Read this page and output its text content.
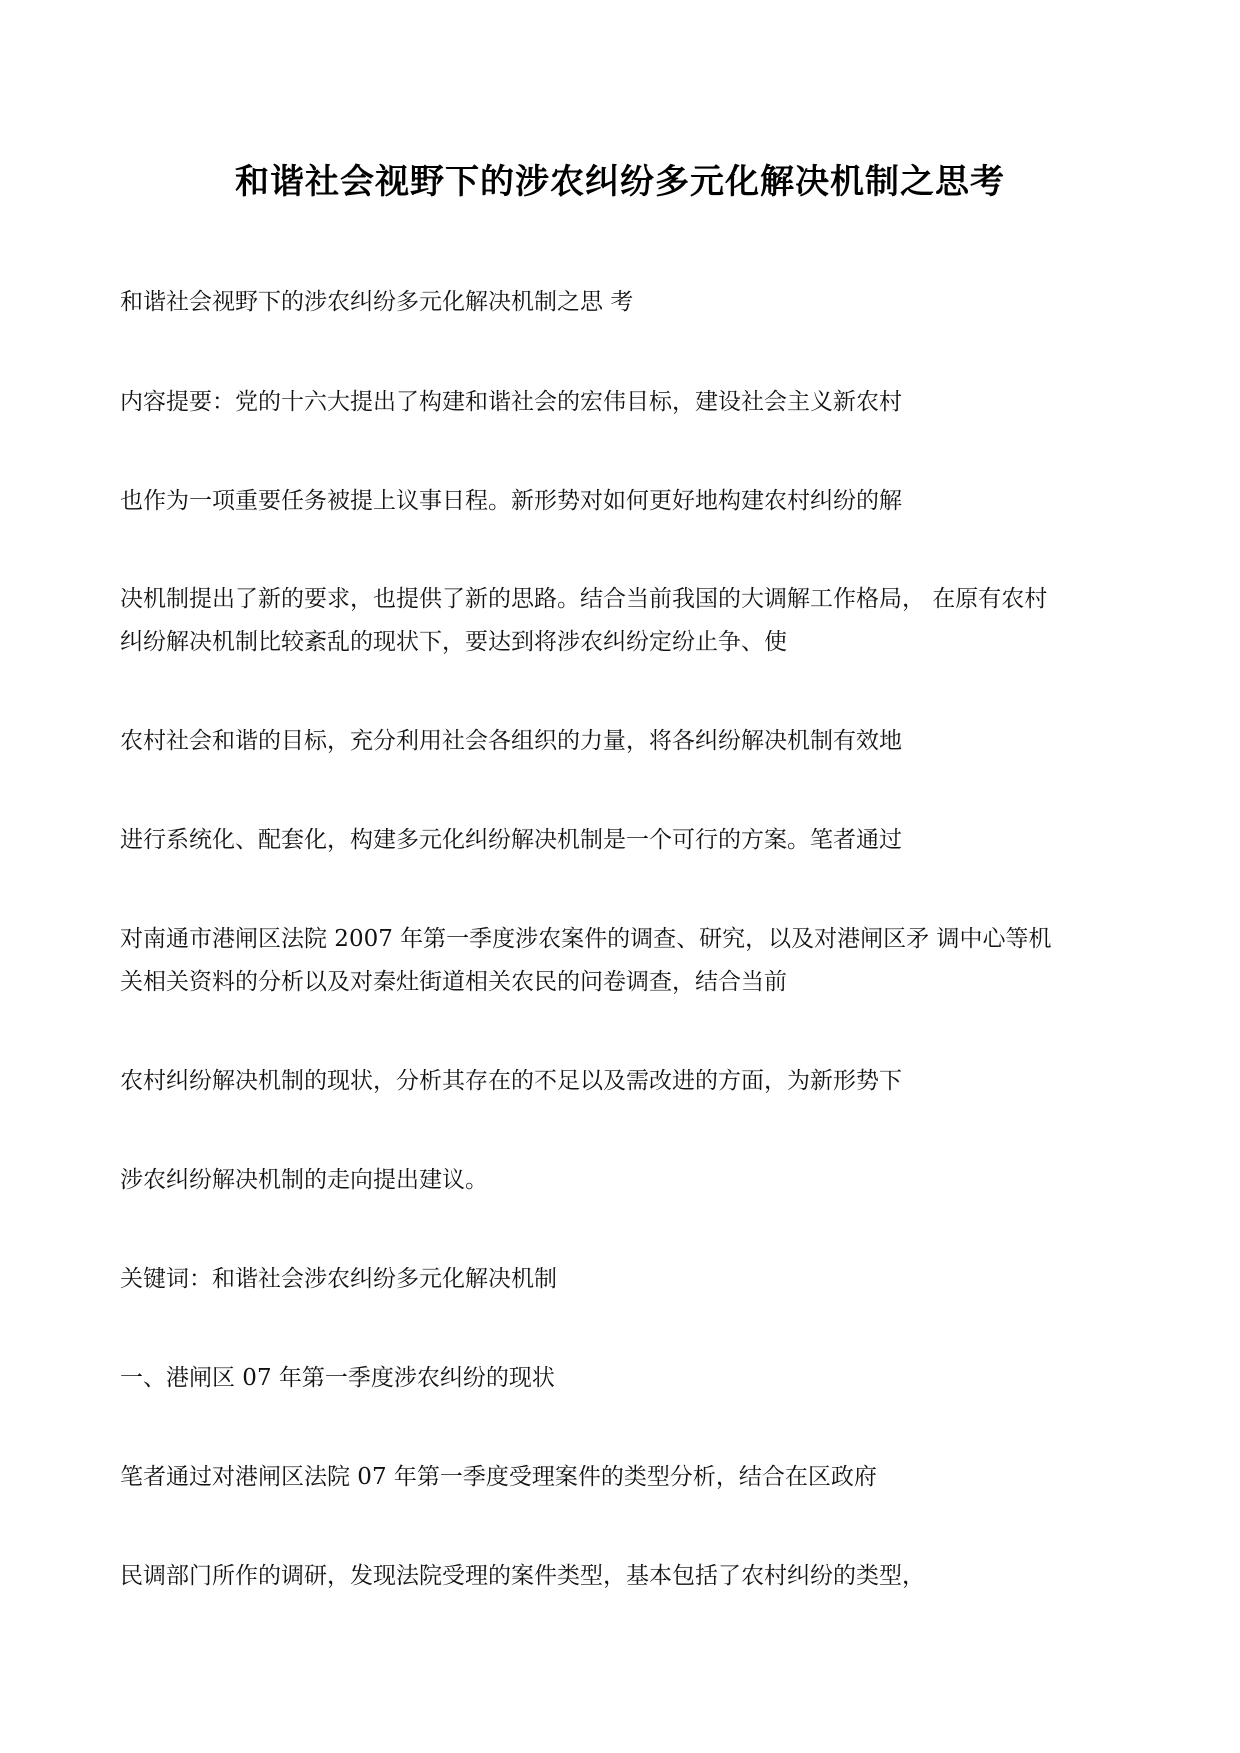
和谐社会视野下的涉农纠纷多元化解决机制之思考
和谐社会视野下的涉农纠纷多元化解决机制之思 考
内容提要：党的十六大提出了构建和谐社会的宏伟目标，建设社会主义新农村
也作为一项重要任务被提上议事日程。新形势对如何更好地构建农村纠纷的解
决机制提出了新的要求，也提供了新的思路。结合当前我国的大调解工作格局， 在原有农村
纠纷解决机制比较紊乱的现状下，要达到将涉农纠纷定纷止争、使
农村社会和谐的目标，充分利用社会各组织的力量，将各纠纷解决机制有效地
进行系统化、配套化，构建多元化纠纷解决机制是一个可行的方案。笔者通过
对南通市港闸区法院 2007 年第一季度涉农案件的调查、研究，以及对港闸区矛 调中心等机
关相关资料的分析以及对秦灶街道相关农民的问卷调查，结合当前
农村纠纷解决机制的现状，分析其存在的不足以及需改进的方面，为新形势下
涉农纠纷解决机制的走向提出建议。
关键词：和谐社会涉农纠纷多元化解决机制
一、港闸区 07 年第一季度涉农纠纷的现状
笔者通过对港闸区法院 07 年第一季度受理案件的类型分析，结合在区政府
民调部门所作的调研，发现法院受理的案件类型，基本包括了农村纠纷的类型，
